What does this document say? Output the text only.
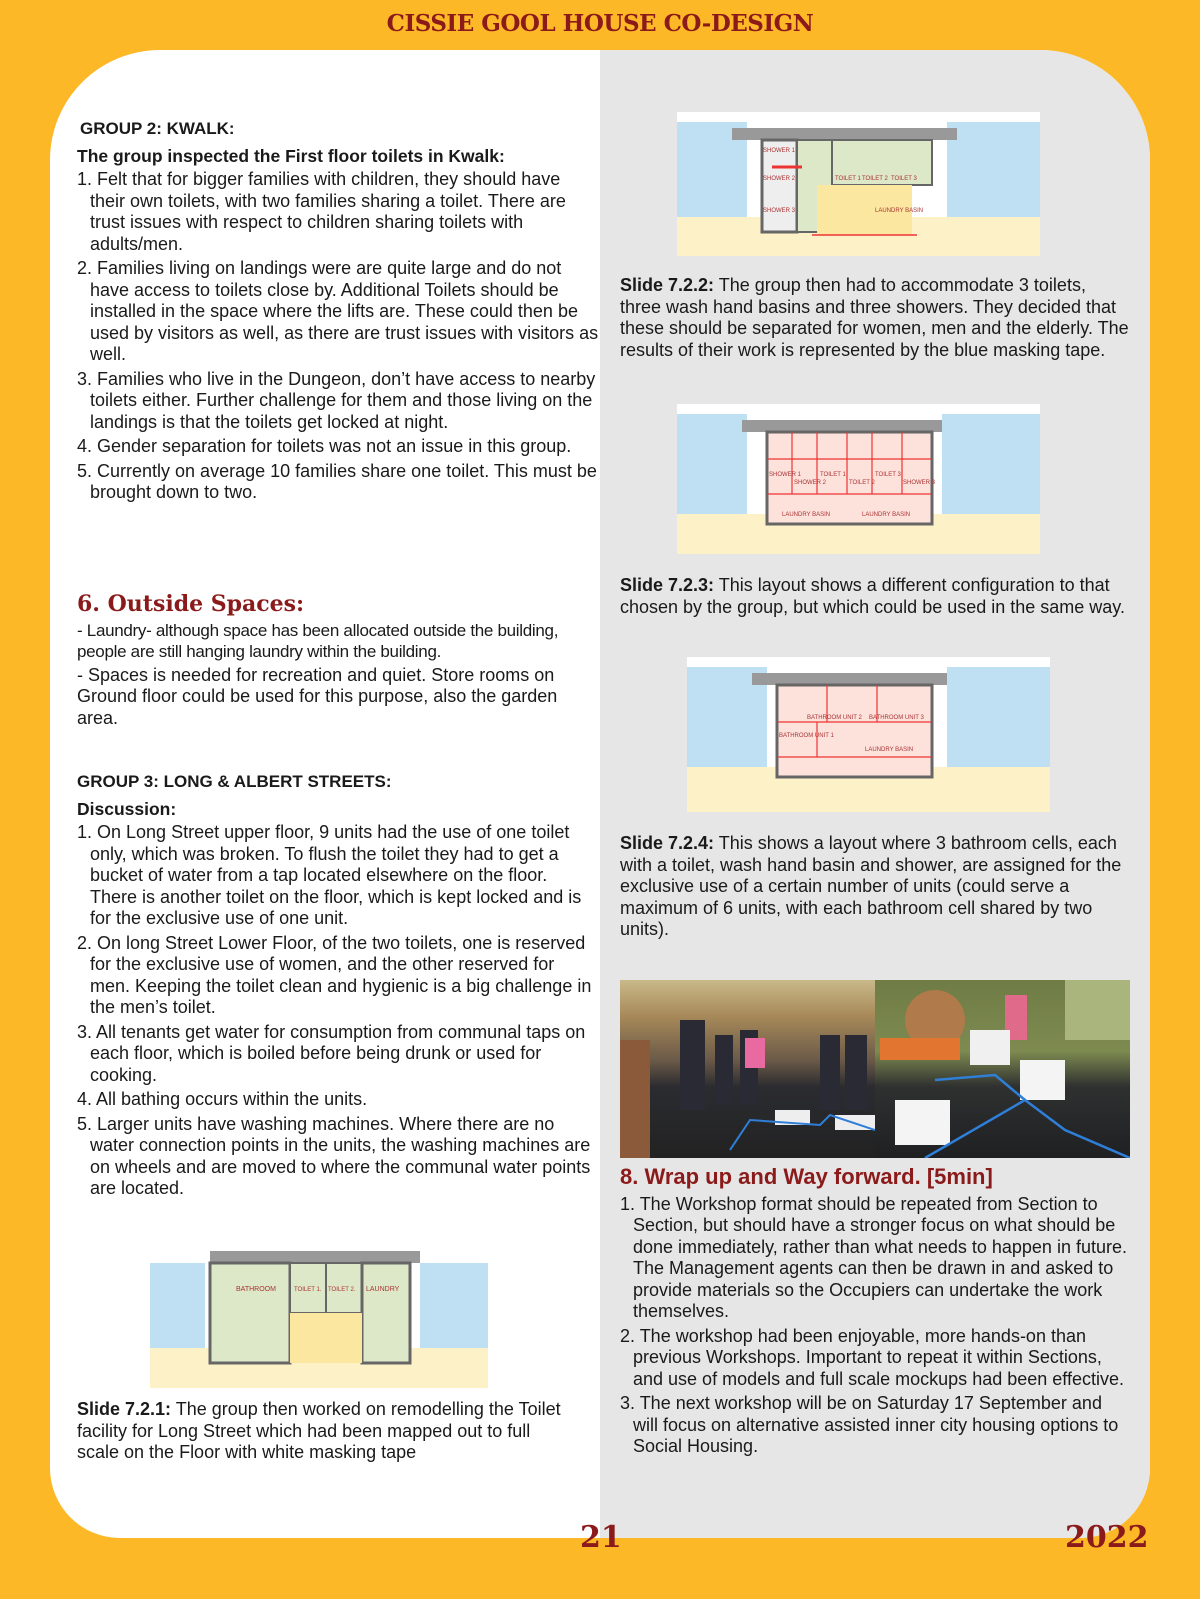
CISSIE GOOL HOUSE CO-DESIGN
GROUP 2: KWALK:
The group inspected the First floor toilets in Kwalk:
1. Felt that for bigger families with children, they should have their own toilets, with two families sharing a toilet. There are trust issues with respect to children sharing toilets with adults/men.
2. Families living on landings were are quite large and do not have access to toilets close by. Additional Toilets should be installed in the space where the lifts are. These could then be used by visitors as well, as there are trust issues with visitors as well.
3. Families who live in the Dungeon, don’t have access to nearby toilets either. Further challenge for them and those living on the landings is that the toilets get locked at night.
4. Gender separation for toilets was not an issue in this group.
5. Currently on average 10 families share one toilet. This must be brought down to two.
6. Outside Spaces:
- Laundry- although space has been allocated outside the building, people are still hanging laundry within the building.
- Spaces is needed for recreation and quiet. Store rooms on Ground floor could be used for this purpose, also the garden area.
GROUP 3: LONG & ALBERT STREETS:
Discussion:
1. On Long Street upper floor, 9 units had the use of one toilet only, which was broken. To flush the toilet they had to get a bucket of water from a tap located elsewhere on the floor. There is another toilet on the floor, which is kept locked and is for the exclusive use of one unit.
2. On long Street Lower Floor, of the two toilets, one is reserved for the exclusive use of women, and the other reserved for men. Keeping the toilet clean and hygienic is a big challenge in the men’s toilet.
3. All tenants get water for consumption from communal taps on each floor, which is boiled before being drunk or used for cooking.
4. All bathing occurs within the units.
5. Larger units have washing machines. Where there are no water connection points in the units, the washing machines are on wheels and are moved to where the communal water points are located.
BATHROOM	TOILET 1. TOILET 2. LAUNDRY
Slide 7.2.1: The group then worked on remodelling the Toilet facility for Long Street which had been mapped out to full scale on the Floor with white masking tape
SHOWER 1
SHOWER 2
SHOWER 3
TOILET 1 TOILET 2 TOILET 3
LAUNDRY BASIN
Slide 7.2.2: The group then had to accommodate 3 toilets, three wash hand basins and three showers. They decided that these should be separated for women, men and the elderly. The results of their work is represented by the blue masking tape.
SHOWER 1
SHOWER 2
TOILET 1
TOILET 2
TOILET 3
SHOWER 3
LAUNDRY BASIN	LAUNDRY BASIN
Slide 7.2.3: This layout shows a different configuration to that chosen by the group, but which could be used in the same way.
BATHROOM UNIT 2 BATHROOM UNIT 3
BATHROOM UNIT 1
LAUNDRY BASIN
Slide 7.2.4: This shows a layout where 3 bathroom cells, each with a toilet, wash hand basin and shower, are assigned for the exclusive use of a certain number of units (could serve a maximum of 6 units, with each bathroom cell shared by two units).
8. Wrap up and Way forward. [5min]
1. The Workshop format should be repeated from Section to Section, but should have a stronger focus on what should be done immediately, rather than what needs to happen in future. The Management agents can then be drawn in and asked to provide materials so the Occupiers can undertake the work themselves.
2. The workshop had been enjoyable, more hands-on than previous Workshops. Important to repeat it within Sections, and use of models and full scale mockups had been effective.
3. The next workshop will be on Saturday 17 September and will focus on alternative assisted inner city housing options to Social Housing.
21	2022
